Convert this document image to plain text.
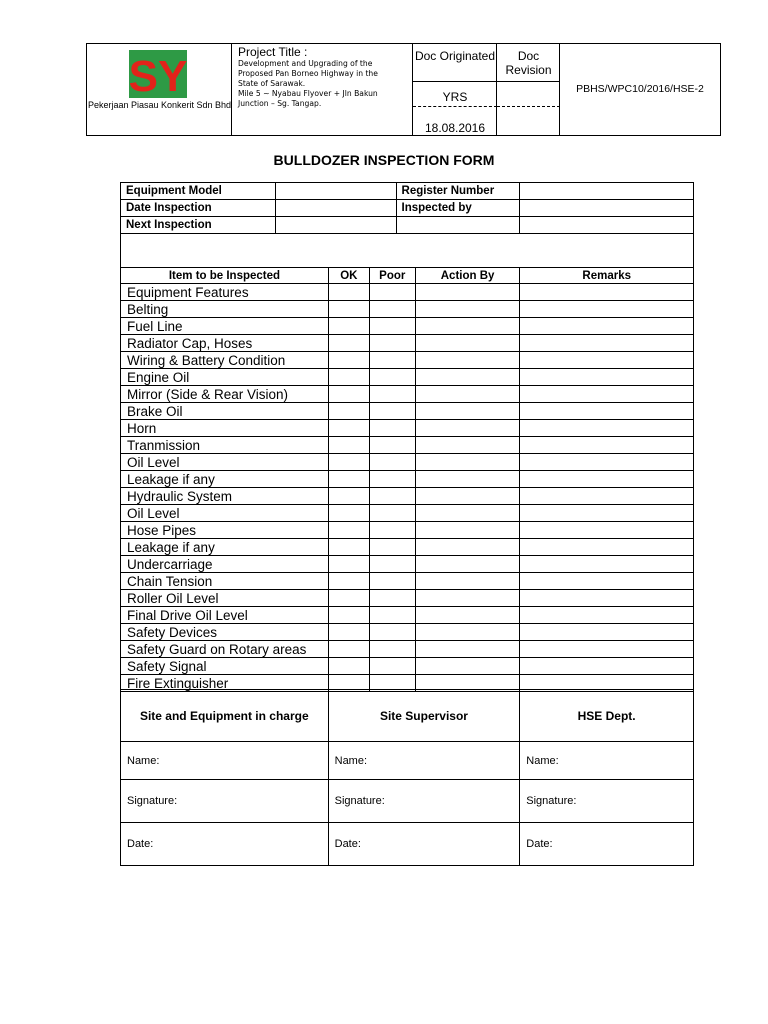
SY
Pekerjaan Piasau Konkerit Sdn Bhd
Project Title :
Development and Upgrading of the
Proposed Pan Borneo Highway in the
State of Sarawak.
Mile 5 ~ Nyabau Flyover + Jln Bakun
Junction – Sg. Tangap.
Doc Originated
YRS
18.08.2016
Doc Revision
PBHS/WPC10/2016/HSE-2
BULLDOZER INSPECTION FORM
Equipment Model		Register Number	
Date Inspection		Inspected by	
Next Inspection			

Item to be Inspected	OK	Poor	Action By	Remarks
Equipment Features				
Belting				
Fuel Line				
Radiator Cap, Hoses				
Wiring & Battery Condition				
Engine Oil				
Mirror (Side & Rear Vision)				
Brake Oil				
Horn				
Tranmission				
Oil Level				
Leakage if any				
Hydraulic System				
Oil Level				
Hose Pipes				
Leakage if any				
Undercarriage				
Chain Tension				
Roller Oil Level				
Final Drive Oil Level				
Safety Devices				
Safety Guard on Rotary areas				
Safety Signal				
Fire Extinguisher				
Site and Equipment in charge	Site Supervisor	HSE Dept.
Name:	Name:	Name:
Signature:	Signature:	Signature:
Date:	Date:	Date:
